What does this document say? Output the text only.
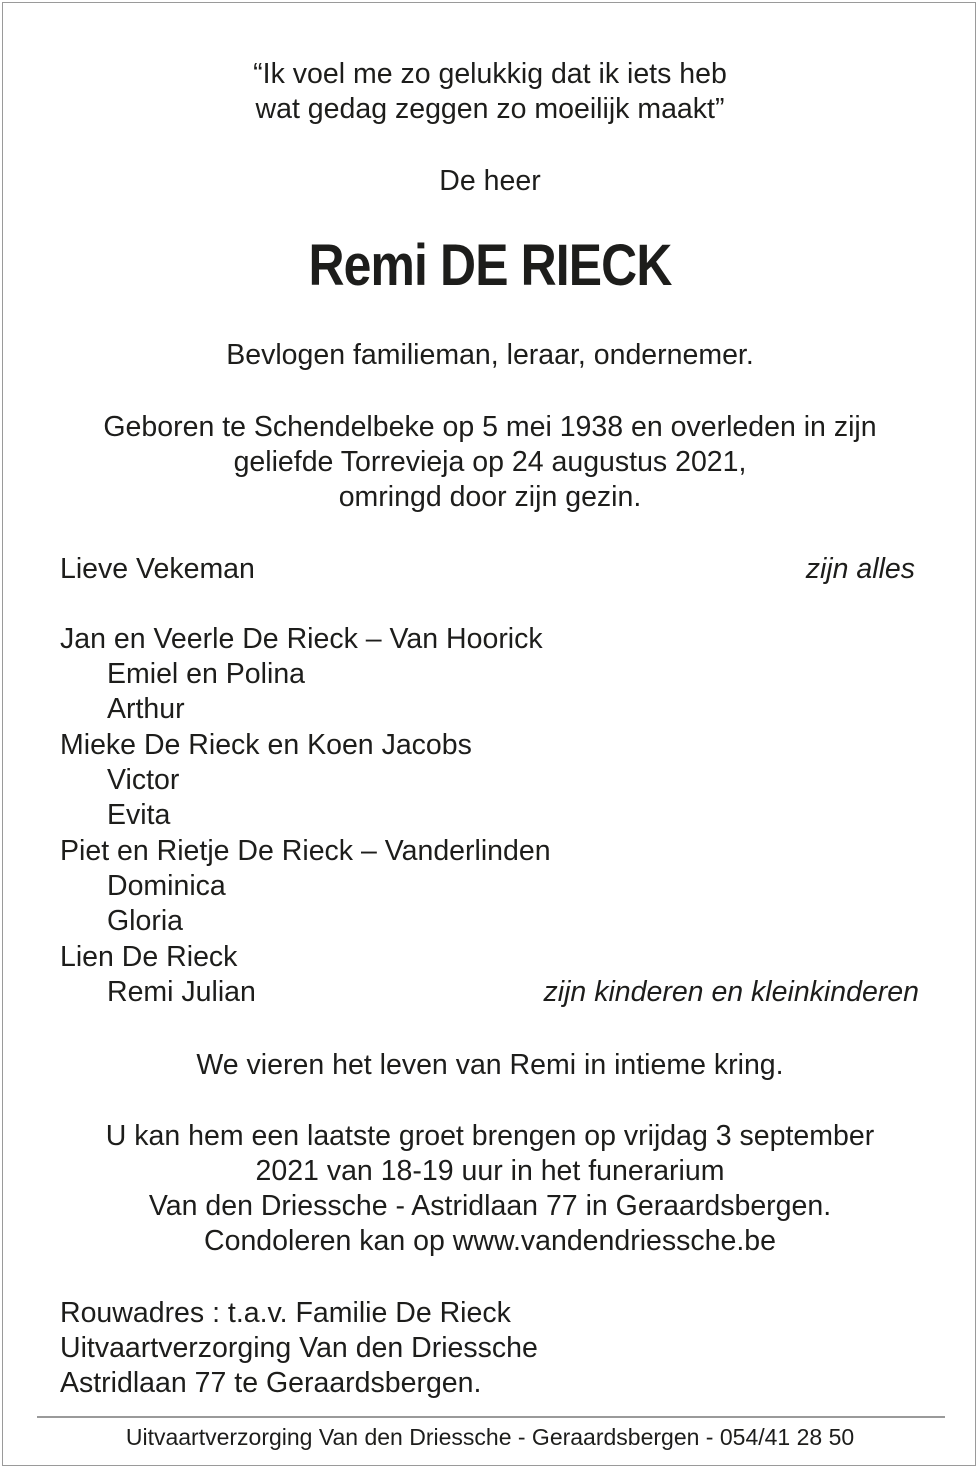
“Ik voel me zo gelukkig dat ik iets heb
wat gedag zeggen zo moeilijk maakt”
De heer
Remi DE RIECK
Bevlogen familieman, leraar, ondernemer.
Geboren te Schendelbeke op 5 mei 1938 en overleden in zijn
geliefde Torrevieja op 24 augustus 2021,
omringd door zijn gezin.
Lieve Vekeman	zijn alles
Jan en Veerle De Rieck – Van Hoorick
Emiel en Polina
Arthur
Mieke De Rieck en Koen Jacobs
Victor
Evita
Piet en Rietje De Rieck – Vanderlinden
Dominica
Gloria
Lien De Rieck
Remi Julian	zijn kinderen en kleinkinderen
We vieren het leven van Remi in intieme kring.
U kan hem een laatste groet brengen op vrijdag 3 september
2021 van 18-19 uur in het funerarium
Van den Driessche - Astridlaan 77 in Geraardsbergen.
Condoleren kan op www.vandendriessche.be
Rouwadres : t.a.v. Familie De Rieck
Uitvaartverzorging Van den Driessche
Astridlaan 77 te Geraardsbergen.
Uitvaartverzorging Van den Driessche - Geraardsbergen - 054/41 28 50
